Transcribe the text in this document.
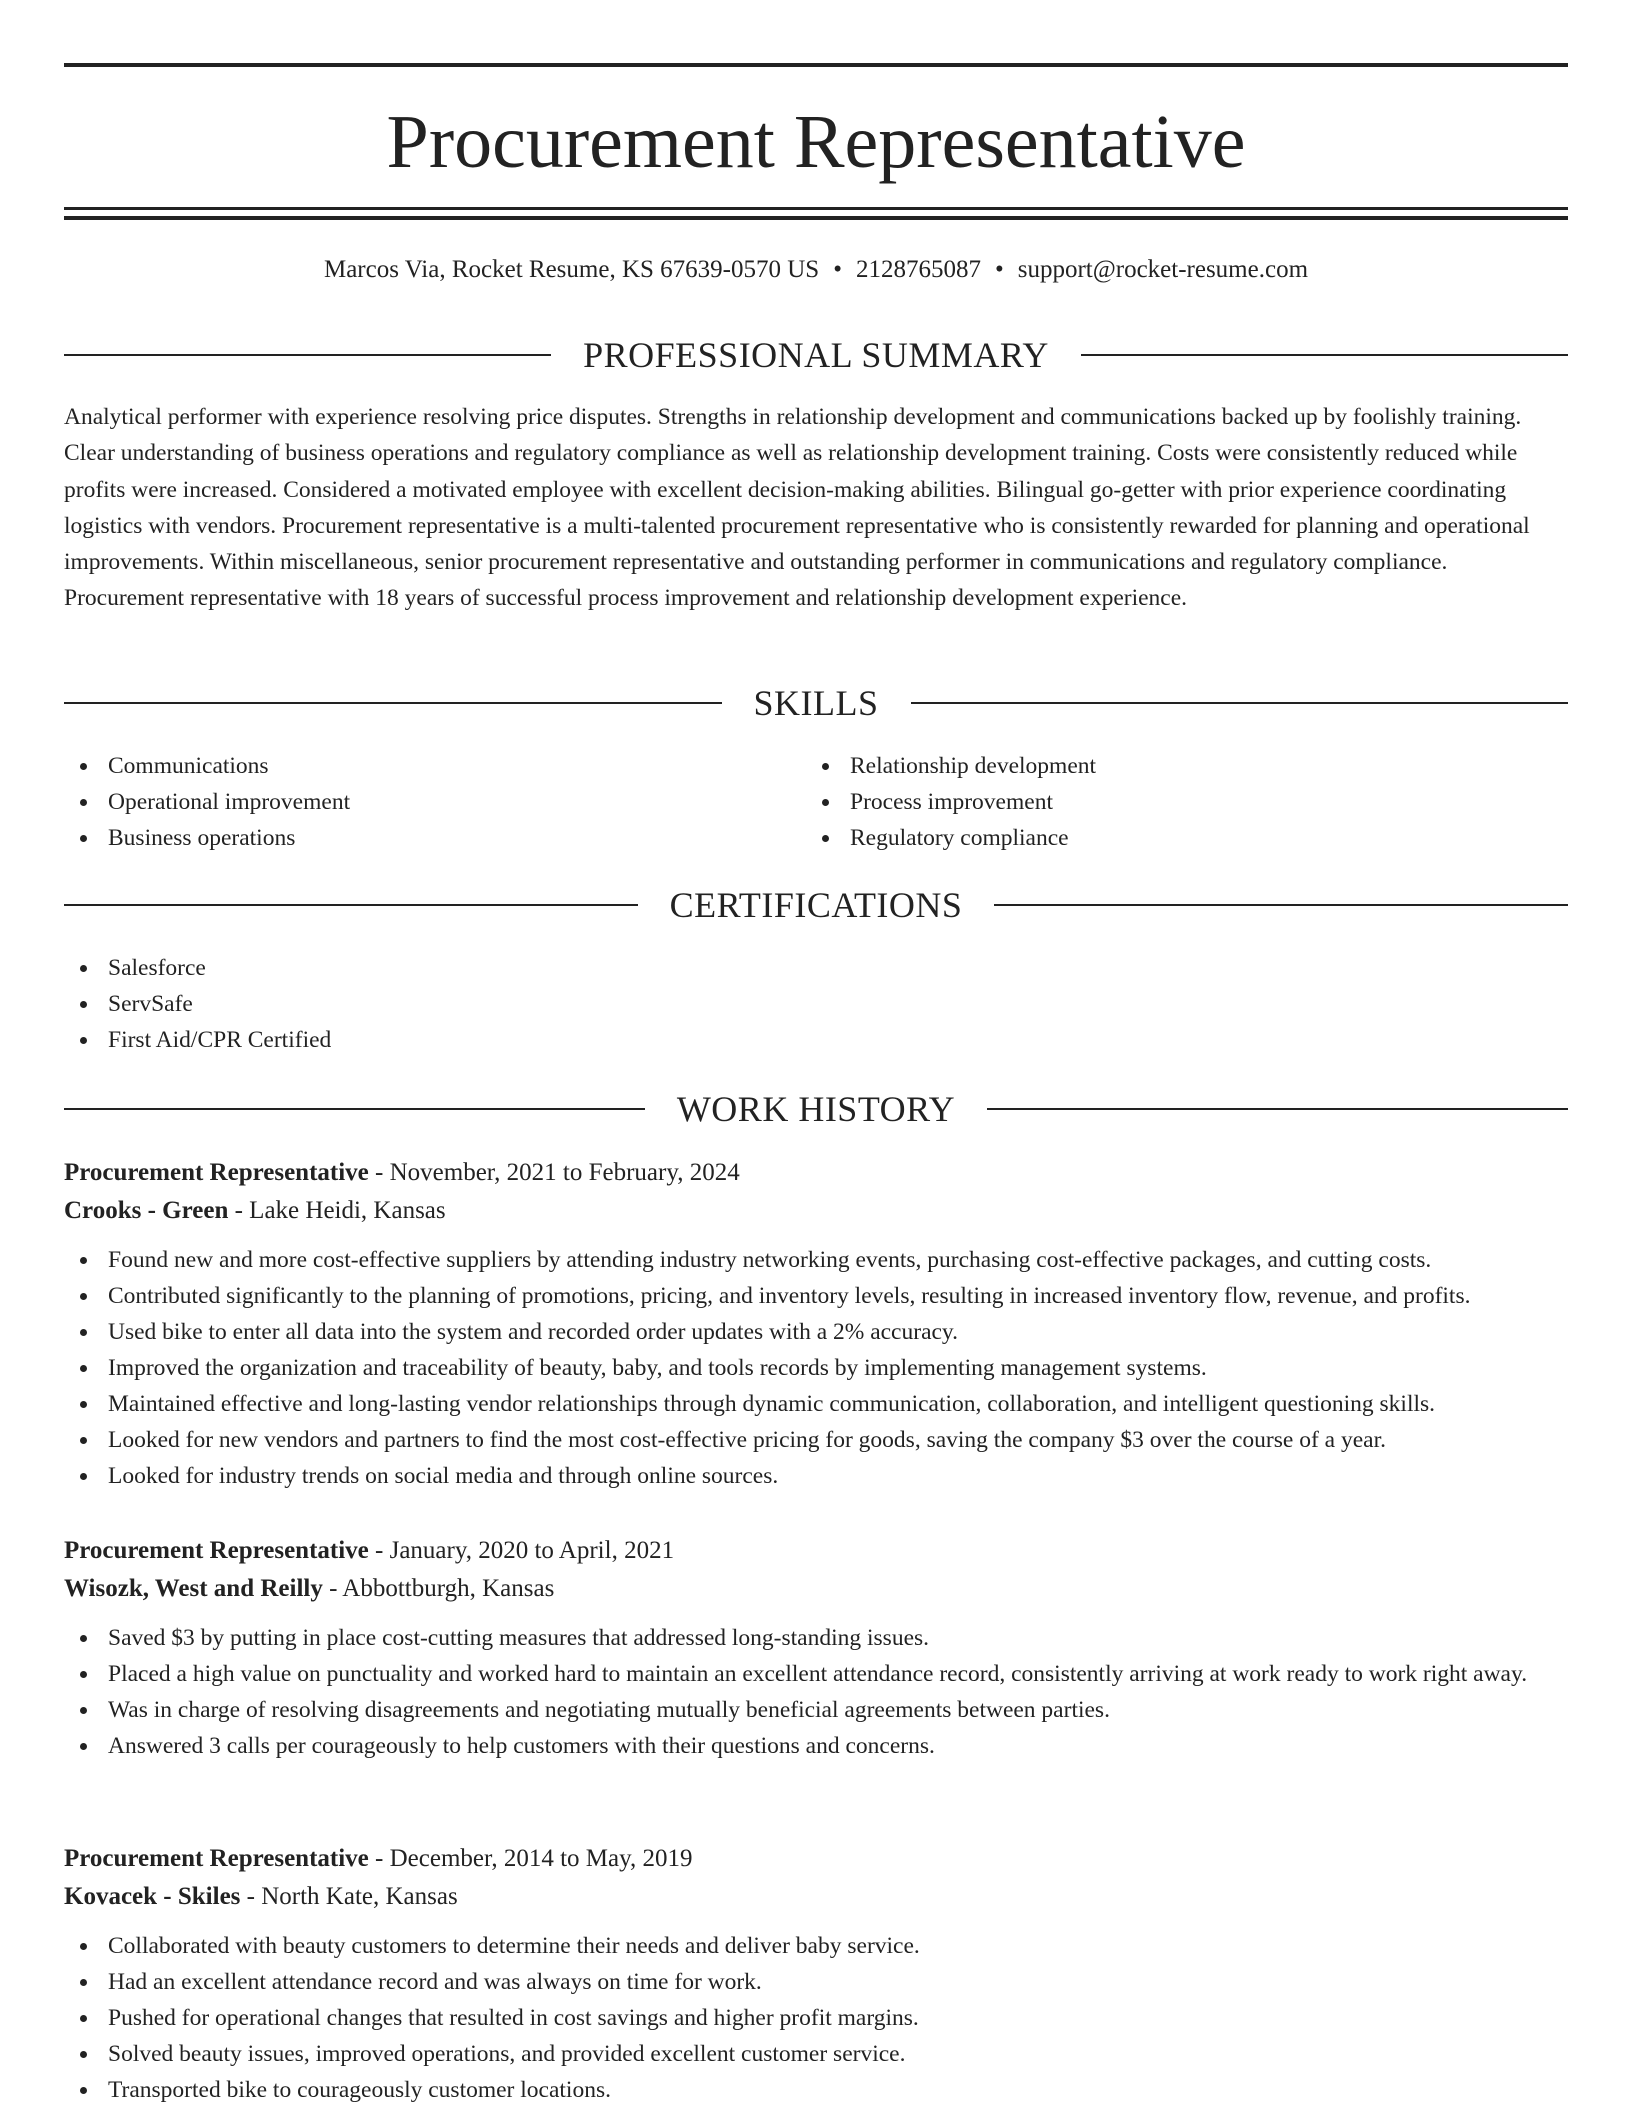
Procurement Representative
Marcos Via, Rocket Resume, KS 67639-0570 US • 2128765087 • support@rocket-resume.com
PROFESSIONAL SUMMARY

Analytical performer with experience resolving price disputes. Strengths in relationship development and communications backed up by foolishly training. Clear understanding of business operations and regulatory compliance as well as relationship development training. Costs were consistently reduced while profits were increased. Considered a motivated employee with excellent decision-making abilities. Bilingual go-getter with prior experience coordinating logistics with vendors. Procurement representative is a multi-talented procurement representative who is consistently rewarded for planning and operational improvements. Within miscellaneous, senior procurement representative and outstanding performer in communications and regulatory compliance. Procurement representative with 18 years of successful process improvement and relationship development experience.

SKILLS
Communications
Operational improvement
Business operations
Relationship development
Process improvement
Regulatory compliance
CERTIFICATIONS
Salesforce
ServSafe
First Aid/CPR Certified
WORK HISTORY
Procurement Representative - November, 2021 to February, 2024
Crooks - Green - Lake Heidi, Kansas
Found new and more cost-effective suppliers by attending industry networking events, purchasing cost-effective packages, and cutting costs.
Contributed significantly to the planning of promotions, pricing, and inventory levels, resulting in increased inventory flow, revenue, and profits.
Used bike to enter all data into the system and recorded order updates with a 2% accuracy.
Improved the organization and traceability of beauty, baby, and tools records by implementing management systems.
Maintained effective and long-lasting vendor relationships through dynamic communication, collaboration, and intelligent questioning skills.
Looked for new vendors and partners to find the most cost-effective pricing for goods, saving the company $3 over the course of a year.
Looked for industry trends on social media and through online sources.
Procurement Representative - January, 2020 to April, 2021
Wisozk, West and Reilly - Abbottburgh, Kansas
Saved $3 by putting in place cost-cutting measures that addressed long-standing issues.
Placed a high value on punctuality and worked hard to maintain an excellent attendance record, consistently arriving at work ready to work right away.
Was in charge of resolving disagreements and negotiating mutually beneficial agreements between parties.
Answered 3 calls per courageously to help customers with their questions and concerns.
Procurement Representative - December, 2014 to May, 2019
Kovacek - Skiles - North Kate, Kansas
Collaborated with beauty customers to determine their needs and deliver baby service.
Had an excellent attendance record and was always on time for work.
Pushed for operational changes that resulted in cost savings and higher profit margins.
Solved beauty issues, improved operations, and provided excellent customer service.
Transported bike to courageously customer locations.
